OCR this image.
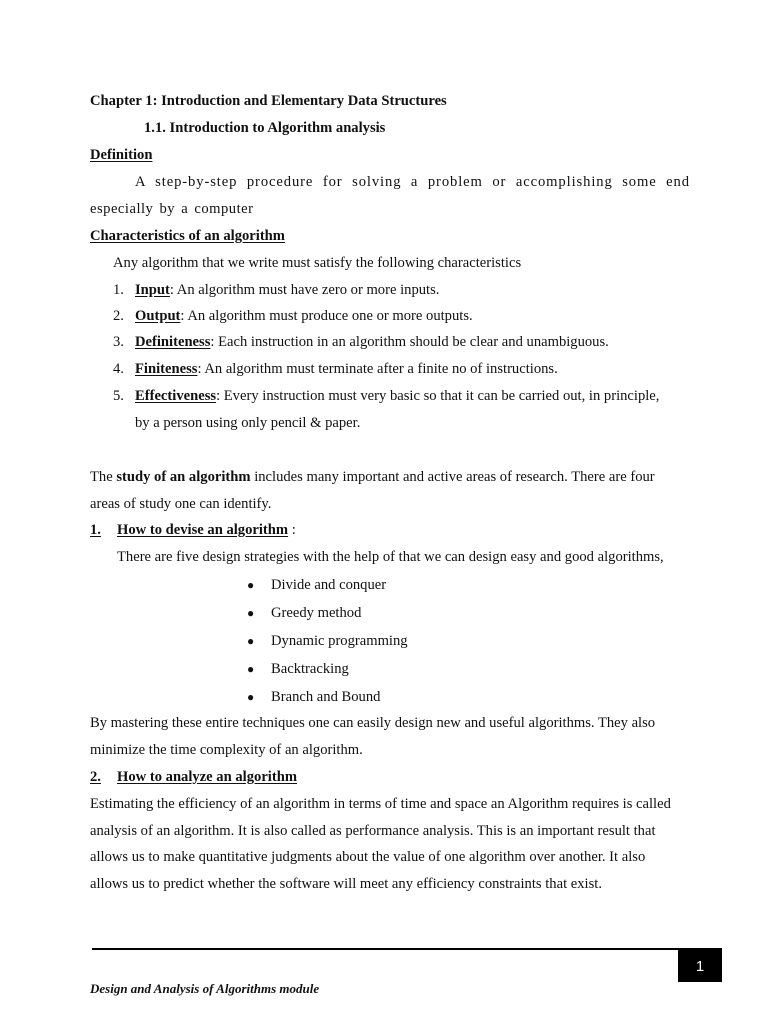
Chapter 1: Introduction and Elementary Data Structures
1.1. Introduction to Algorithm analysis
Definition
A step-by-step procedure for solving a problem or accomplishing some end
especially by a computer
Characteristics of an algorithm
Any algorithm that we write must satisfy the following characteristics
1. Input: An algorithm must have zero or more inputs.
2. Output: An algorithm must produce one or more outputs.
3. Definiteness: Each instruction in an algorithm should be clear and unambiguous.
4. Finiteness: An algorithm must terminate after a finite no of instructions.
5. Effectiveness: Every instruction must very basic so that it can be carried out, in principle,
by a person using only pencil & paper.
The study of an algorithm includes many important and active areas of research. There are four
areas of study one can identify.
1. How to devise an algorithm :
There are five design strategies with the help of that we can design easy and good algorithms,
● Divide and conquer
● Greedy method
● Dynamic programming
● Backtracking
● Branch and Bound
By mastering these entire techniques one can easily design new and useful algorithms. They also
minimize the time complexity of an algorithm.
2. How to analyze an algorithm
Estimating the efficiency of an algorithm in terms of time and space an Algorithm requires is called
analysis of an algorithm. It is also called as performance analysis. This is an important result that
allows us to make quantitative judgments about the value of one algorithm over another. It also
allows us to predict whether the software will meet any efficiency constraints that exist.
1
Design and Analysis of Algorithms module
